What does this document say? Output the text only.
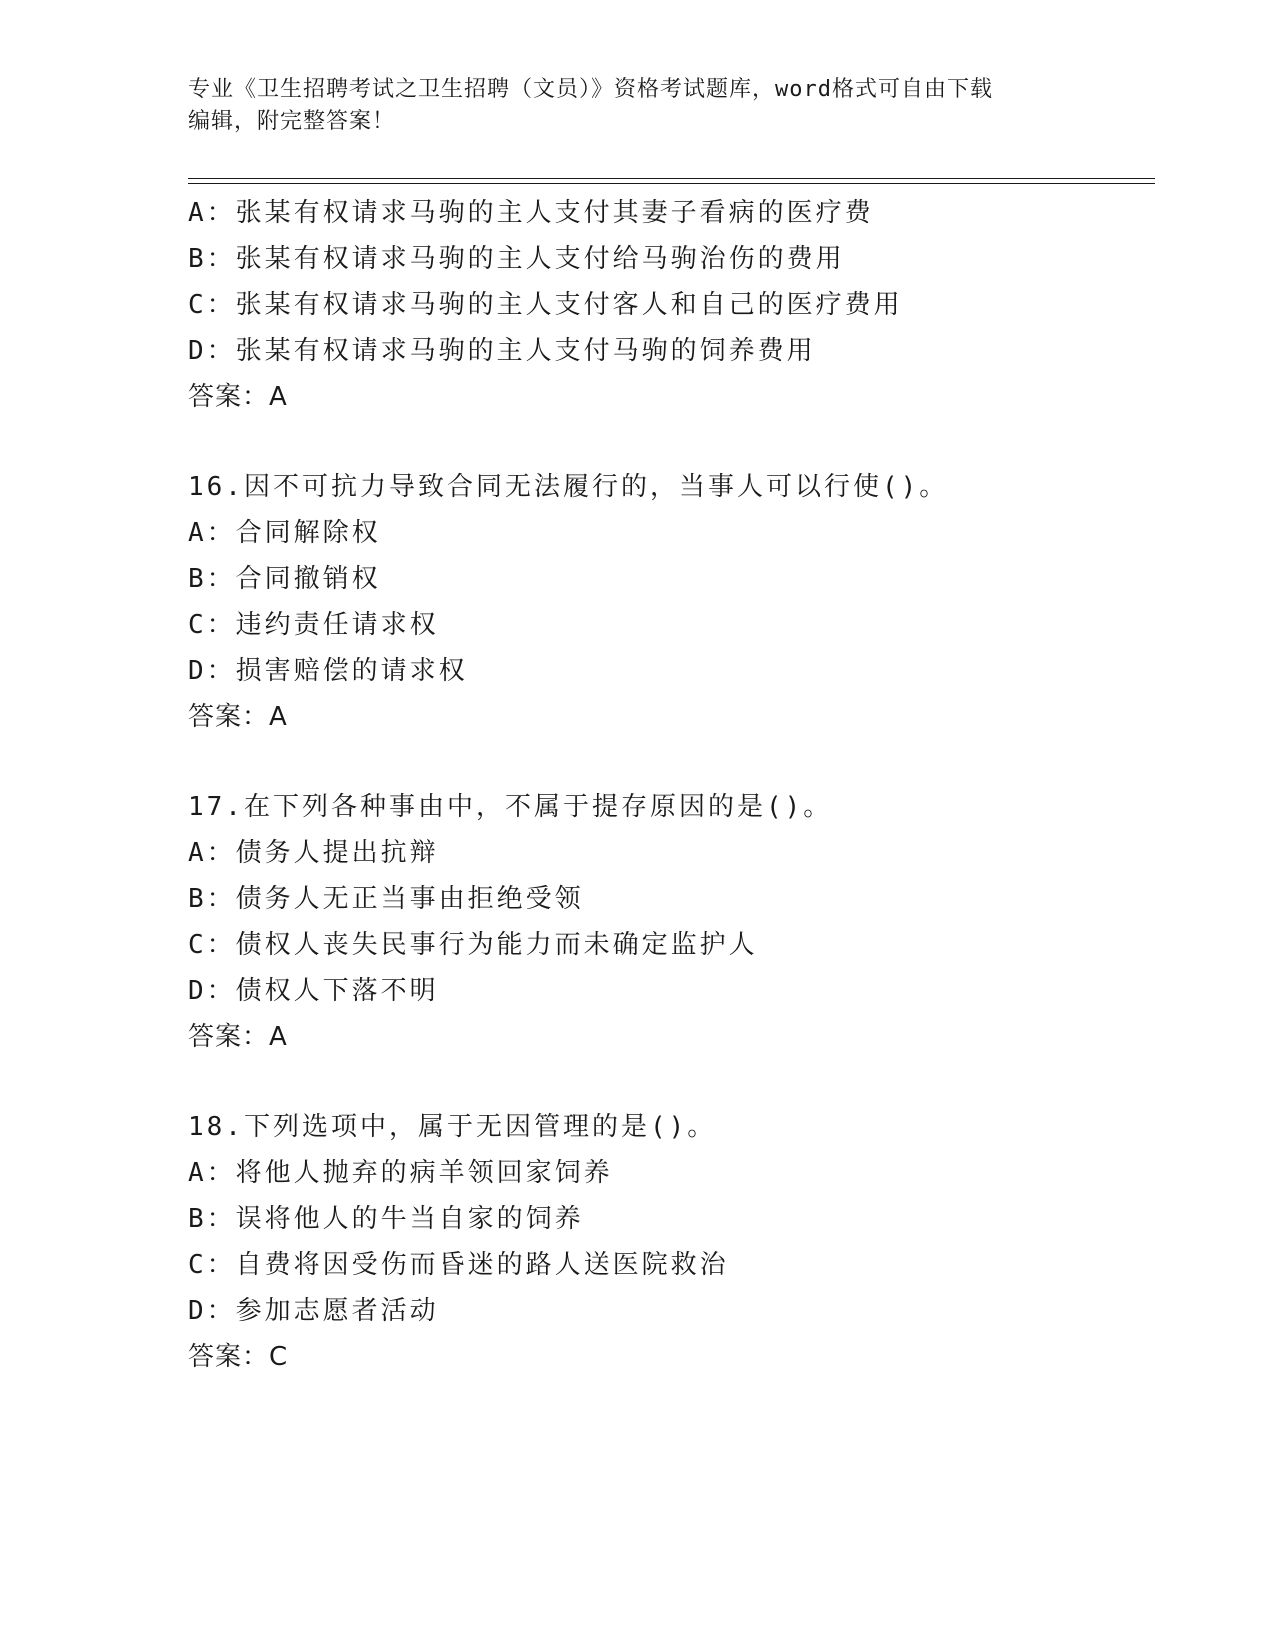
专业《卫生招聘考试之卫生招聘（文员）》资格考试题库，word格式可自由下载

编辑，附完整答案！

A：张某有权请求马驹的主人支付其妻子看病的医疗费
B：张某有权请求马驹的主人支付给马驹治伤的费用
C：张某有权请求马驹的主人支付客人和自己的医疗费用
D：张某有权请求马驹的主人支付马驹的饲养费用
答案：A
16.因不可抗力导致合同无法履行的，当事人可以行使()。
A：合同解除权
B：合同撤销权
C：违约责任请求权
D：损害赔偿的请求权
答案：A
17.在下列各种事由中，不属于提存原因的是()。
A：债务人提出抗辩
B：债务人无正当事由拒绝受领
C：债权人丧失民事行为能力而未确定监护人
D：债权人下落不明
答案：A
18.下列选项中，属于无因管理的是()。
A：将他人抛弃的病羊领回家饲养
B：误将他人的牛当自家的饲养
C：自费将因受伤而昏迷的路人送医院救治
D：参加志愿者活动
答案：C
